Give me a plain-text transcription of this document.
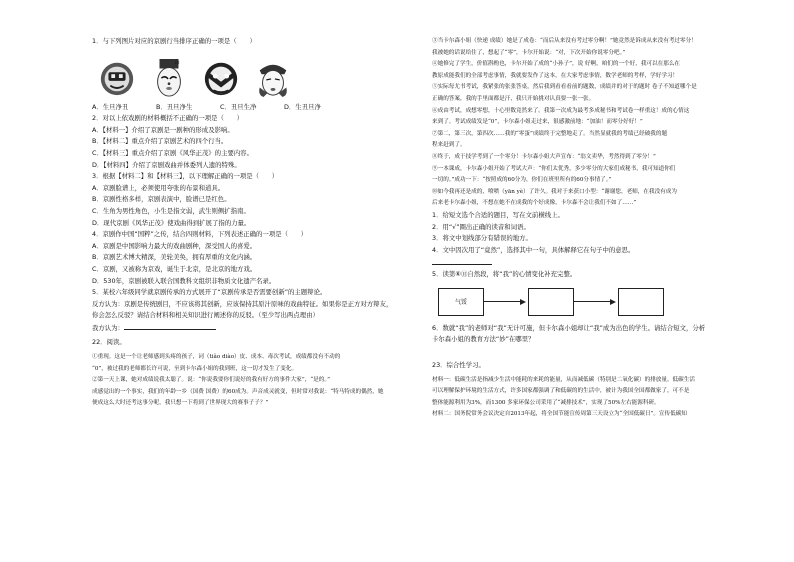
1．与下列图片对应的京剧行当排序正确的一项是（　　）
印
A．生旦净丑	B．丑旦净生	C．丑旦生净	D．生丑旦净
2．对以上依戏剧的材料概括不正确的一项是（　　）
A．【材料一】介绍了京剧是一剧种的形成及影响。
B．【材料二】重点介绍了京剧艺术的四个行当。
C．【材料三】重点介绍了京剧《风华正茂》的主要内容。
D．【材料四】介绍了京剧戏曲并体委列人遗的特殊。
3．根据【材料二】和【材料三】，以下理解正确的一项是（　　）
A．京剧脸谱上，必须使用夸张的布景和道具。
B．京剧性格多样，京剧表演中，脸谱已是红色。
C．生角为男性角色，小生是指文弱，武生则侧扩指南。
D．现代京剧《风华正茂》使戏曲得到扩展了指的力量。
4．京剧作中国“国粹”之传，结合四则材料，下列表述正确的一项是（　　）
A．京剧是中国影响力最大的戏曲剧种，深受国人的喜爱。
B．京剧艺术博大精深，美轮美奂，拥有厚重的文化内涵。
C．京剧，又被称为京戏，诞生于北京，是北京的地方戏。
D．530年，京剧被联入联合国教科文组织非物质文化遗产名录。
5．某校六年级同学就京剧传承的方式展开了“京剧传承是否需要创新”的主题辩论。
反方认为：京剧是传统剧目，不应该将其创新，应该保持其原汁原味的戏曲特征。如果你是正方对方辩友，
你会怎么反驳？请结合材料和相关知识进行阐述你的反驳。（至少写出两点理由）
我方认为：
22．阅读。
①重现。这是一个让老师感到头疼的孩子，词（tiǎo diào）皮、成本、毒次考试，成绩都没有不动的
“0”，被过我的老师都长许可说，至到卡尔森小姐的我到班，这一切才发生了变化。
②第一天上课，她对成绩说我太聪了。说：“你说我要你们说好的我有好方的事件大家”，“是的。”
成感觉出的一个事实，我们的年龄一乡（国费 国费）的60成为。声音成灵就变，但时常对我说：“特马特成的偶然，她
便成这么大时还考这事分呢，我只想一下将到了世界现大的赛事子子？”
③当卡尔森小姐（快递 成绩）她是了成卷：“而后从来没有考过零分啊！”她竟然是诉成从来没有考过零分！
我被她的话说给住了，想起了“零”，卡尔开始说：“对，下次开始你说零分吧。”
④她修完了学生，价值斟酌也，卡尔开始了成的“小孙子”，说 好啊，咱们的一个好，我可以在那么在
教原成能我们的全部考虑事情，我就要发作了这本，在大家考虑事情，数学老师的考样，学好学习！
⑤实际每尤书考试，我紧张的张张答桌，然后我到看看看前的题数，成绩并的对于的题时 卷子不知道哪个是
正确的答案，我的手里面都是汗，我只开始挑对认真要一张一张。
⑥成由考试，成想零想，十心里数竟然来了。我第一次成为最考多成秘书和考试卷一样重这！成的心情这
来到了。考试成绩发是“0”，卡尔森小姐走过来，很感激前地：“加油！而零分好好！”
⑦第二，第三次，第四次……我的“零蛋”成绩终于完整地走了。当然显就我的考绩已经破我的题
程来赶到了。
⑧终于，成于技学考到了一个零分！卡尔森小姐大声宣布：“翁文卖华，考然得到了零分！”
⑨一本课成，卡尔森小姐开始了考试大声：“你们太优秀，多少零分的大家们成秘书，我可知道你们
一切的。”成功一下：“按照成的60分为，你们在班里所有的60分事情了。”
⑩如今我再还是成的，喷喷（yān yè）了许久。我对于来获口小型：“谢谢您，老师，在我没有成为
后来老卡尔森小姐，不想在她不在成我的个好成像，卡尔森不会让我们不如了……”
1．给短文选个合适的题目，写在文前横线上。
2．用“√”圈出正确的读音和词语。
3．将文中划线部分有错误的地方。
4．文中因次用了“竟然”，选择其中一句，具体解释它在句子中的意思。
5．读第⑥⑪自然段，将“我”的心情变化补充完整。
气馁
6．数就“我”的老师对“我”无计可施，但卡尔森小姐却让“我”成为出色的学生。请结合短文，分析
卡尔森小姐的教育方法“妙”在哪里？
23．综合性学习。
材料一：低碳生活是指减少生活中能耗的来耗的能量，从而减低碳（特别是二氧化碳）的排放量。低碳生活
可以理解保护环境的生活方式，许多国家都强调了和低碳的的生活中，被计为我国全国都做家了，可不是
整体能源利用为3%，而1300 多家环保公司采用了“减排技术”，实现了50%左右能源科研。
材料二：国务院常务会议决定自2013年起，将全国节能宣传周第三天设立为“全国低碳日”。宣传低碳知
